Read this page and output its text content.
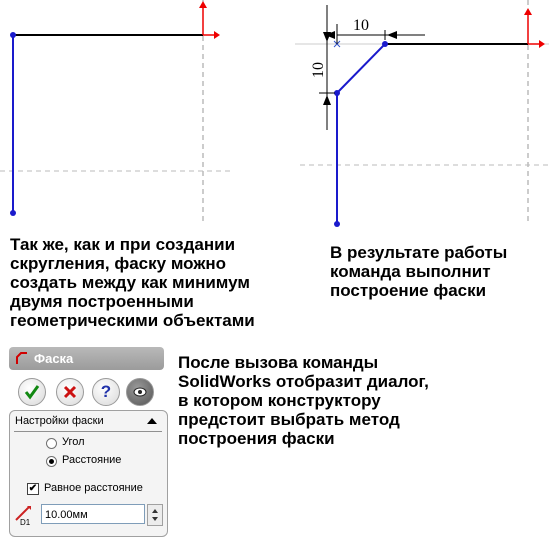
10
10
Так же, как и при создании
скругления, фаску можно
создать между как минимум
двумя построенными
геометрическими объектами
В результате работы
команда выполнит
построение фаски
После вызова команды
SolidWorks отобразит диалог,
в котором конструктору
предстоит выбрать метод
построения фаски
Фаска
?
Настройки фаски
Угол
Расстояние
✔ Равное расстояние
D1
10.00мм
